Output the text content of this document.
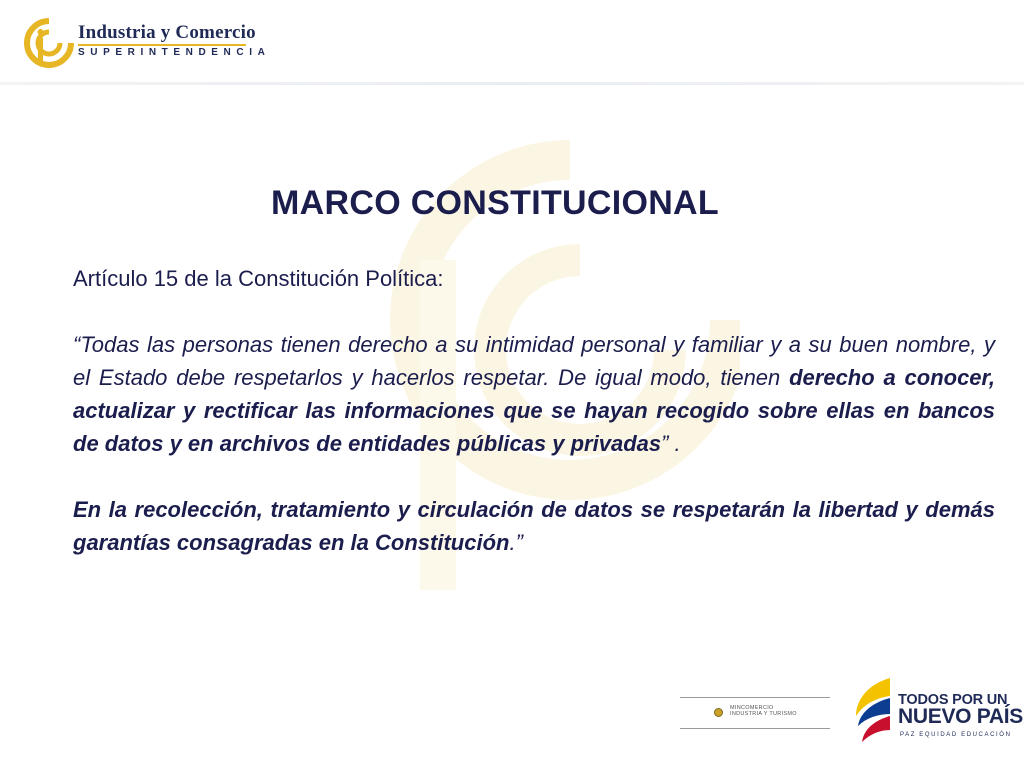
Industria y Comercio
SUPERINTENDENCIA
MARCO CONSTITUCIONAL

Artículo 15 de la Constitución Política:

“Todas las personas tienen derecho a su intimidad personal y familiar y a su buen nombre, y el Estado debe respetarlos y hacerlos respetar. De igual modo, tienen derecho a conocer, actualizar y rectificar las informaciones que se hayan recogido sobre ellas en bancos de datos y en archivos de entidades públicas y privadas” .

En la recolección, tratamiento y circulación de datos se respetarán la libertad y demás garantías consagradas en la Constitución.”

MINCOMERCIO
INDUSTRIA Y TURISMO
TODOS POR UN
NUEVO PAÍS
PAZ EQUIDAD EDUCACIÓN
